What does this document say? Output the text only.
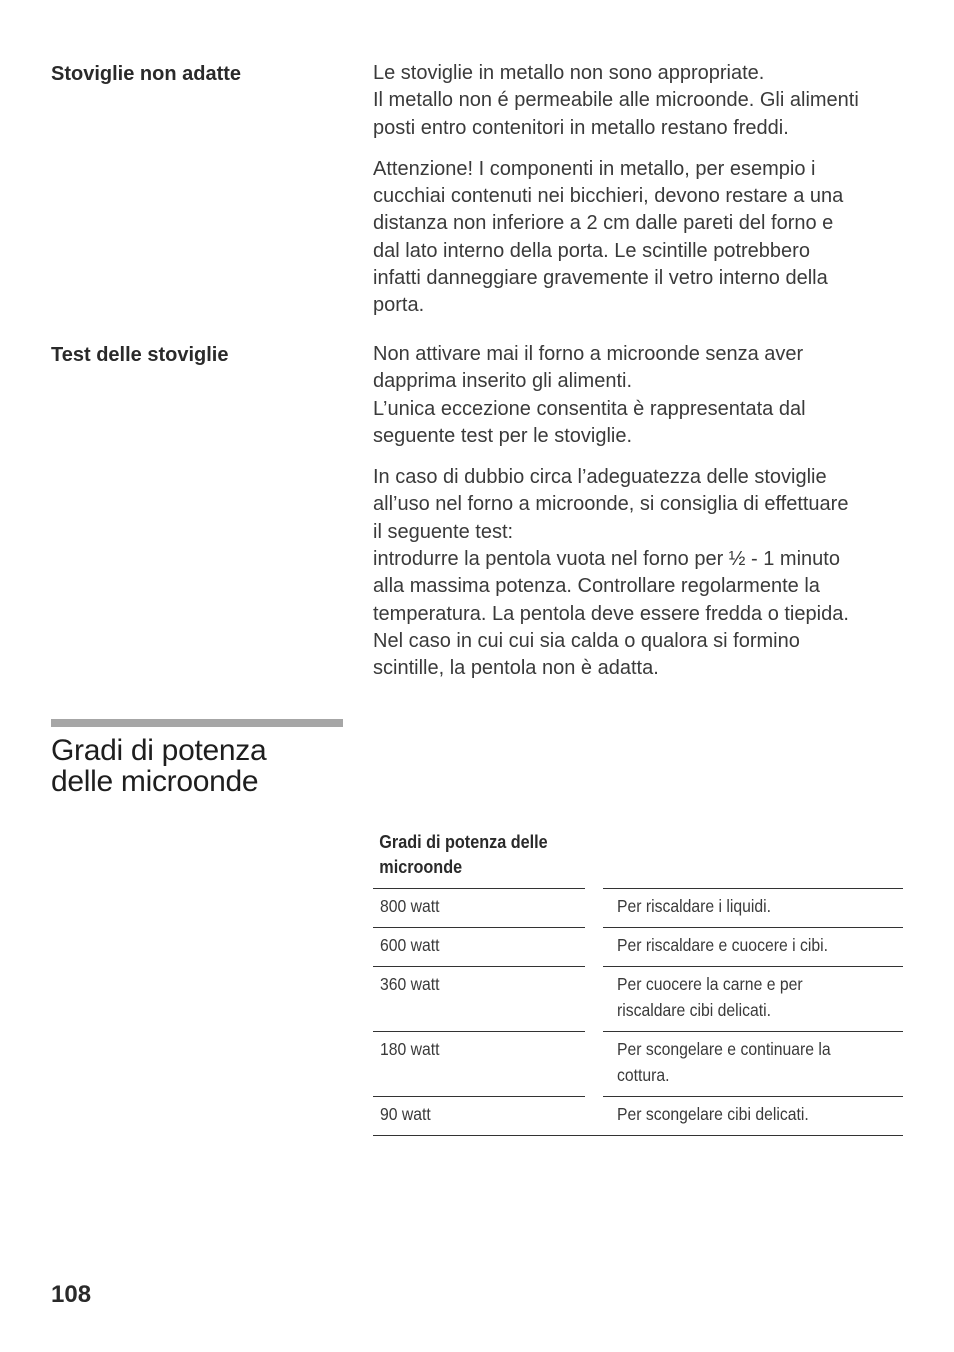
Stoviglie non adatte	Le stoviglie in metallo non sono appropriate.
Il metallo non é permeabile alle microonde. Gli alimenti
posti entro contenitori in metallo restano freddi.

Attenzione! I componenti in metallo, per esempio i
cucchiai contenuti nei bicchieri, devono restare a una
distanza non inferiore a 2 cm dalle pareti del forno e
dal lato interno della porta. Le scintille potrebbero
infatti danneggiare gravemente il vetro interno della
porta.

Test delle stoviglie	Non attivare mai il forno a microonde senza aver
dapprima inserito gli alimenti.
L’unica eccezione consentita è rappresentata dal
seguente test per le stoviglie.

In caso di dubbio circa l’adeguatezza delle stoviglie
all’uso nel forno a microonde, si consiglia di effettuare
il seguente test:
introdurre la pentola vuota nel forno per ½ - 1 minuto
alla massima potenza. Controllare regolarmente la
temperatura. La pentola deve essere fredda o tiepida.
Nel caso in cui cui sia calda o qualora si formino
scintille, la pentola non è adatta.

Gradi di potenza
delle microonde
Gradi di potenza delle
microonde
800 watt	Per riscaldare i liquidi.
600 watt	Per riscaldare e cuocere i cibi.
360 watt	Per cuocere la carne e per
riscaldare cibi delicati.
180 watt	Per scongelare e continuare la
cottura.
90 watt	Per scongelare cibi delicati.

108
